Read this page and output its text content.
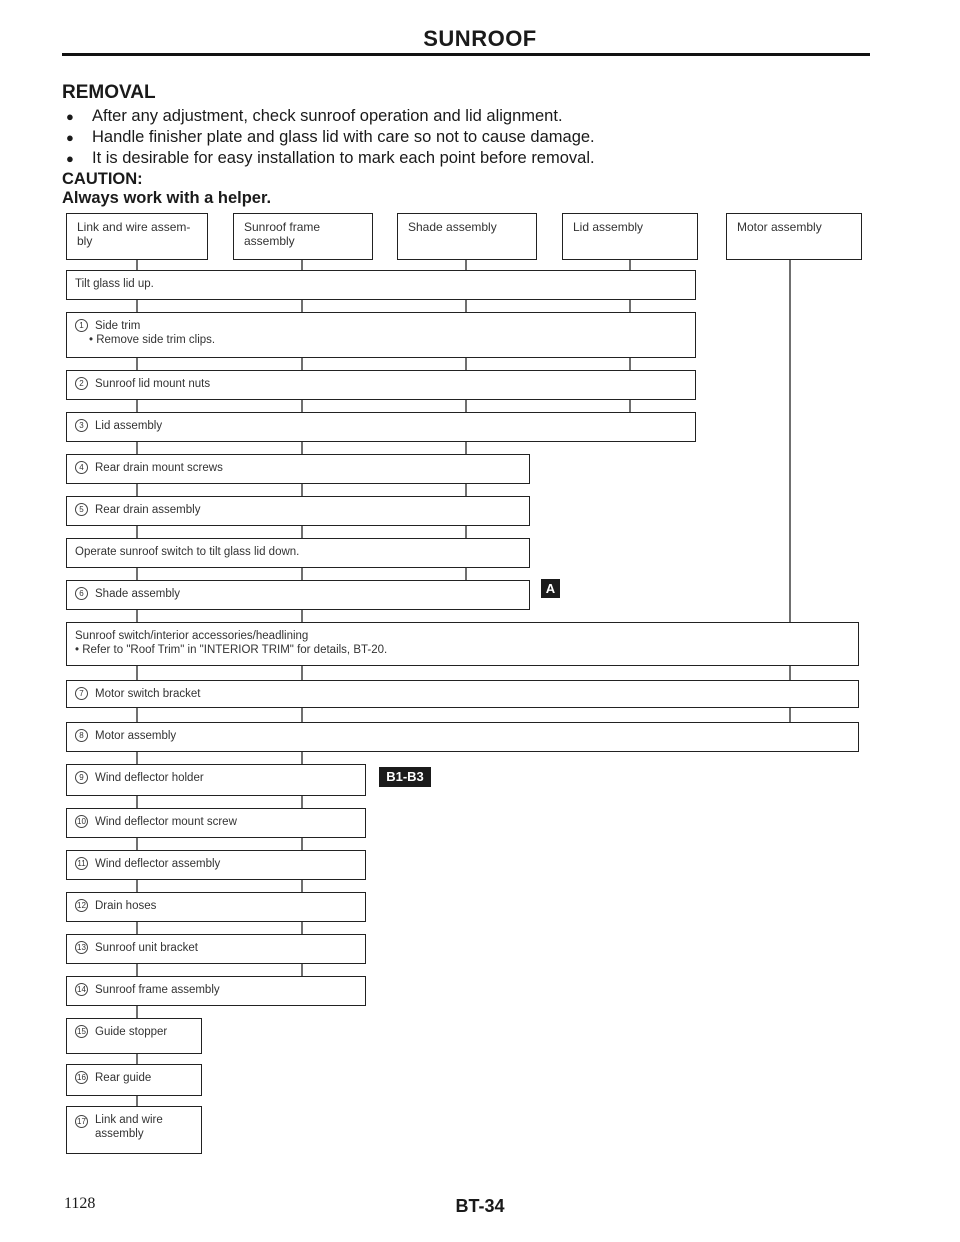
SUNROOF
REMOVAL
● After any adjustment, check sunroof operation and lid alignment.
● Handle finisher plate and glass lid with care so not to cause damage.
● It is desirable for easy installation to mark each point before removal.
CAUTION:
Always work with a helper.
Link and wire assem-
bly
Sunroof frame
assembly
Shade assembly	Lid assembly	Motor assembly
Tilt glass lid up.
1 Side trim
• Remove side trim clips.
2 Sunroof lid mount nuts
3 Lid assembly
4 Rear drain mount screws
5 Rear drain assembly
Operate sunroof switch to tilt glass lid down.
6 Shade assembly	A
Sunroof switch/interior accessories/headlining
• Refer to "Roof Trim" in "INTERIOR TRIM" for details, BT-20.
7 Motor switch bracket
8 Motor assembly
9 Wind deflector holder	B1-B3
10 Wind deflector mount screw
11 Wind deflector assembly
12 Drain hoses
13 Sunroof unit bracket
14 Sunroof frame assembly
15 Guide stopper
16 Rear guide
17 Link and wire
assembly
1128	BT-34
